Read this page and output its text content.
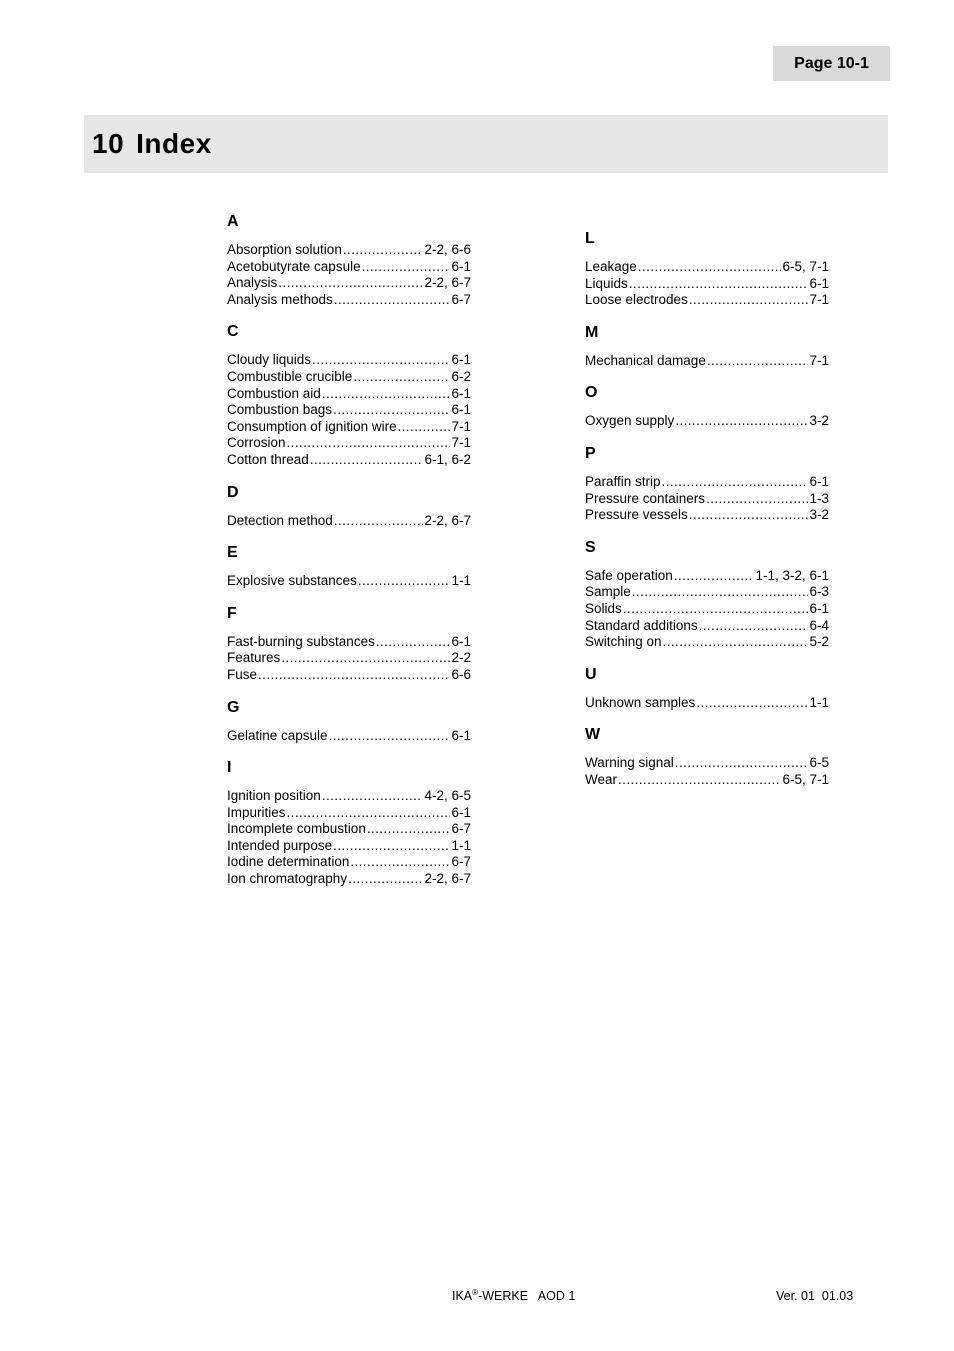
Page 10-1
10 Index
A
Absorption solution .....	2-2, 6-6
Acetobutyrate capsule .....	6-1
Analysis .....	2-2, 6-7
Analysis methods .....	6-7
C
Cloudy liquids .....	6-1
Combustible crucible .....	6-2
Combustion aid .....	6-1
Combustion bags .....	6-1
Consumption of ignition wire .....	7-1
Corrosion .....	7-1
Cotton thread .....	6-1, 6-2
D
Detection method .....	2-2, 6-7
E
Explosive substances .....	1-1
F
Fast-burning substances .....	6-1
Features .....	2-2
Fuse .....	6-6
G
Gelatine capsule .....	6-1
I
Ignition position .....	4-2, 6-5
Impurities .....	6-1
Incomplete combustion .....	6-7
Intended purpose .....	1-1
Iodine determination .....	6-7
Ion chromatography .....	2-2, 6-7
L
Leakage .....	6-5, 7-1
Liquids .....	6-1
Loose electrodes .....	7-1
M
Mechanical damage .....	7-1
O
Oxygen supply .....	3-2
P
Paraffin strip .....	6-1
Pressure containers .....	1-3
Pressure vessels .....	3-2
S
Safe operation .....	1-1, 3-2, 6-1
Sample .....	6-3
Solids .....	6-1
Standard additions .....	6-4
Switching on .....	5-2
U
Unknown samples .....	1-1
W
Warning signal .....	6-5
Wear .....	6-5, 7-1
IKA®-WERKE   AOD 1	Ver. 01  01.03
